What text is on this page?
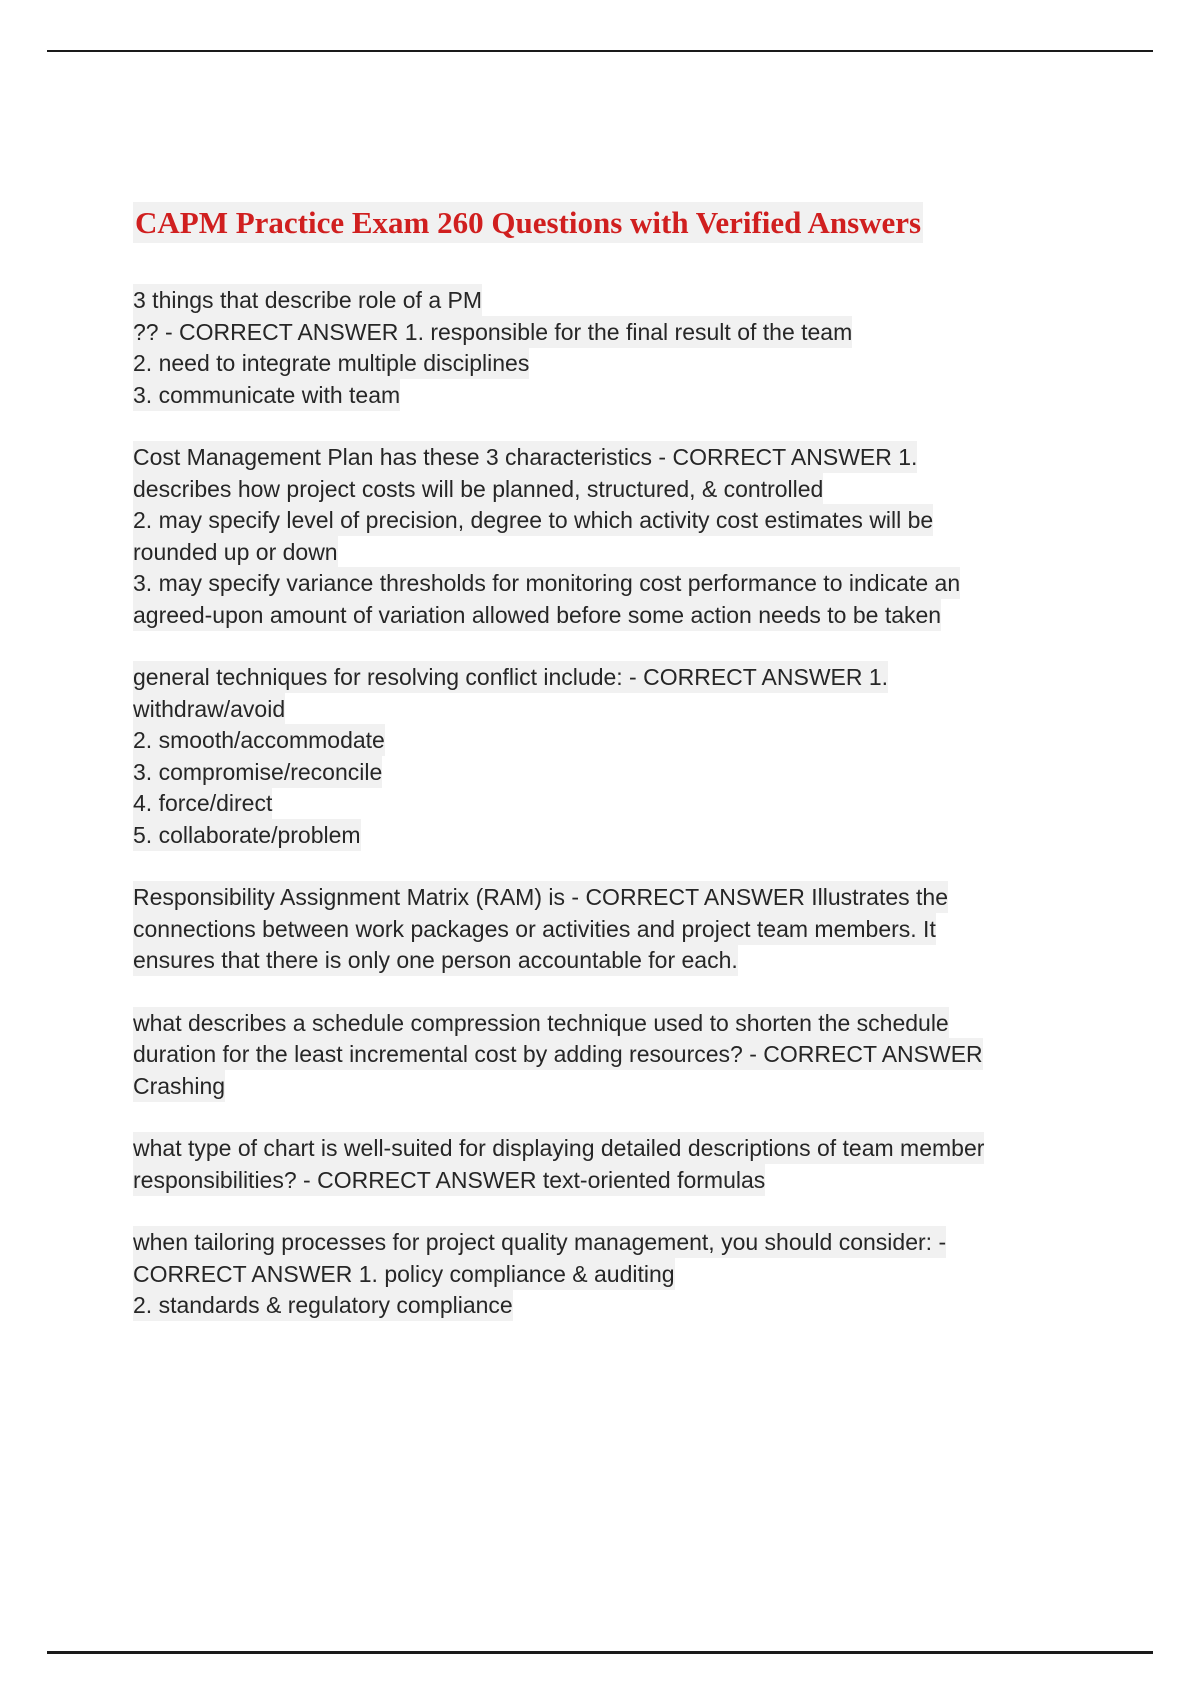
CAPM Practice Exam 260 Questions with Verified Answers
3 things that describe role of a PM
?? - CORRECT ANSWER 1. responsible for the final result of the team
2. need to integrate multiple disciplines
3. communicate with team
Cost Management Plan has these 3 characteristics - CORRECT ANSWER 1. describes how project costs will be planned, structured, & controlled
2. may specify level of precision, degree to which activity cost estimates will be rounded up or down
3. may specify variance thresholds for monitoring cost performance to indicate an agreed-upon amount of variation allowed before some action needs to be taken
general techniques for resolving conflict include: - CORRECT ANSWER 1. withdraw/avoid
2. smooth/accommodate
3. compromise/reconcile
4. force/direct
5. collaborate/problem
Responsibility Assignment Matrix (RAM) is - CORRECT ANSWER Illustrates the connections between work packages or activities and project team members. It ensures that there is only one person accountable for each.
what describes a schedule compression technique used to shorten the schedule duration for the least incremental cost by adding resources? - CORRECT ANSWER Crashing
what type of chart is well-suited for displaying detailed descriptions of team member responsibilities? - CORRECT ANSWER text-oriented formulas
when tailoring processes for project quality management, you should consider: - CORRECT ANSWER 1. policy compliance & auditing
2. standards & regulatory compliance
